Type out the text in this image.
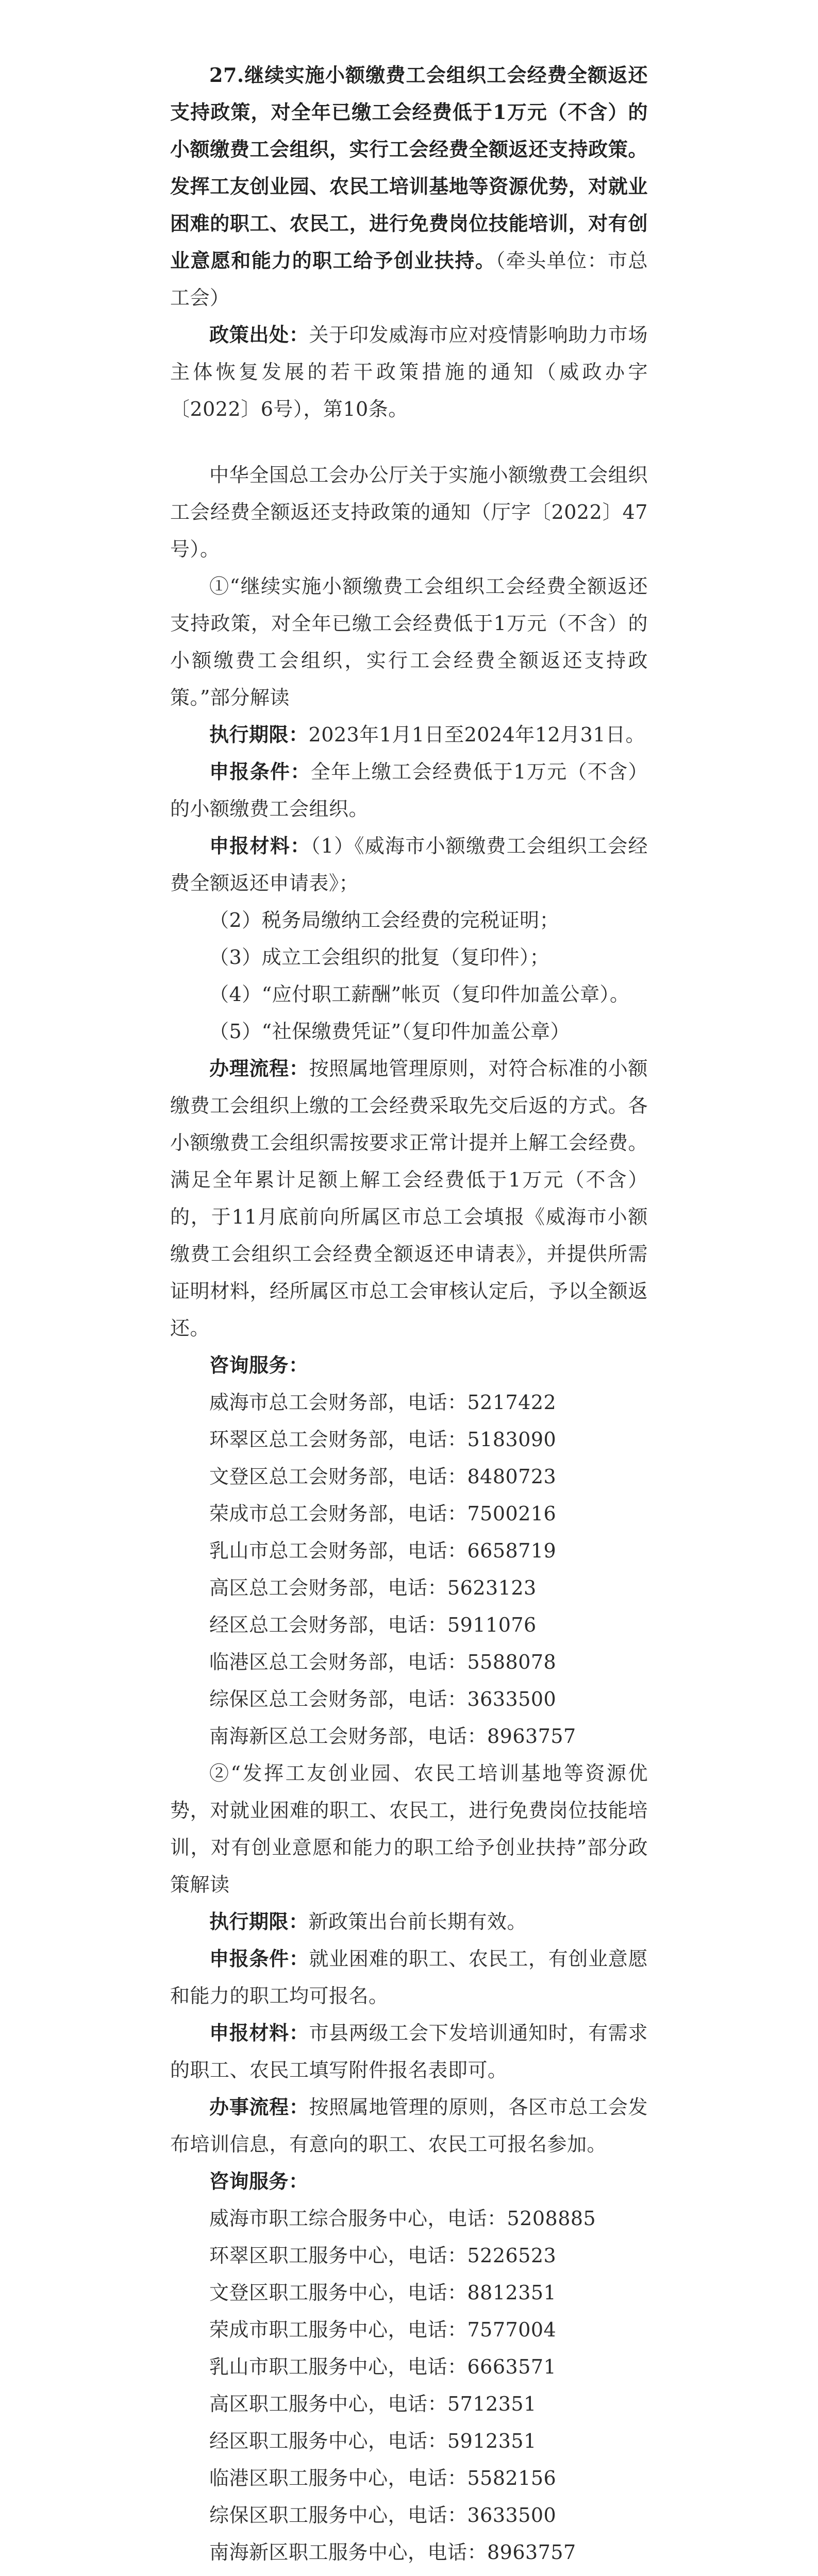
27.继续实施小额缴费工会组织工会经费全额返还支持政策，对全年已缴工会经费低于1万元（不含）的小额缴费工会组织，实行工会经费全额返还支持政策。发挥工友创业园、农民工培训基地等资源优势，对就业困难的职工、农民工，进行免费岗位技能培训，对有创业意愿和能力的职工给予创业扶持。（牵头单位：市总工会）

政策出处：关于印发威海市应对疫情影响助力市场主体恢复发展的若干政策措施的通知（威政办字〔2022〕6号），第10条。

中华全国总工会办公厅关于实施小额缴费工会组织工会经费全额返还支持政策的通知（厅字〔2022〕47号）。

①“继续实施小额缴费工会组织工会经费全额返还支持政策，对全年已缴工会经费低于1万元（不含）的小额缴费工会组织，实行工会经费全额返还支持政策。”部分解读

执行期限：2023年1月1日至2024年12月31日。

申报条件：全年上缴工会经费低于1万元（不含）的小额缴费工会组织。

申报材料：（1）《威海市小额缴费工会组织工会经费全额返还申请表》；

（2）税务局缴纳工会经费的完税证明；

（3）成立工会组织的批复（复印件）；

（4）“应付职工薪酬”帐页（复印件加盖公章）。

（5）“社保缴费凭证”（复印件加盖公章）

办理流程：按照属地管理原则，对符合标准的小额缴费工会组织上缴的工会经费采取先交后返的方式。各小额缴费工会组织需按要求正常计提并上解工会经费。满足全年累计足额上解工会经费低于1万元（不含）的，于11月底前向所属区市总工会填报《威海市小额缴费工会组织工会经费全额返还申请表》，并提供所需证明材料，经所属区市总工会审核认定后，予以全额返还。

咨询服务：

威海市总工会财务部，电话：5217422

环翠区总工会财务部，电话：5183090

文登区总工会财务部，电话：8480723

荣成市总工会财务部，电话：7500216

乳山市总工会财务部，电话：6658719

高区总工会财务部，电话：5623123

经区总工会财务部，电话：5911076

临港区总工会财务部，电话：5588078

综保区总工会财务部，电话：3633500

南海新区总工会财务部，电话：8963757

②“发挥工友创业园、农民工培训基地等资源优势，对就业困难的职工、农民工，进行免费岗位技能培训，对有创业意愿和能力的职工给予创业扶持”部分政策解读

执行期限：新政策出台前长期有效。

申报条件：就业困难的职工、农民工，有创业意愿和能力的职工均可报名。

申报材料：市县两级工会下发培训通知时，有需求的职工、农民工填写附件报名表即可。

办事流程：按照属地管理的原则，各区市总工会发布培训信息，有意向的职工、农民工可报名参加。

咨询服务：

威海市职工综合服务中心，电话：5208885

环翠区职工服务中心，电话：5226523

文登区职工服务中心，电话：8812351

荣成市职工服务中心，电话：7577004

乳山市职工服务中心，电话：6663571

高区职工服务中心，电话：5712351

经区职工服务中心，电话：5912351

临港区职工服务中心，电话：5582156

综保区职工服务中心，电话：3633500

南海新区职工服务中心，电话：8963757
